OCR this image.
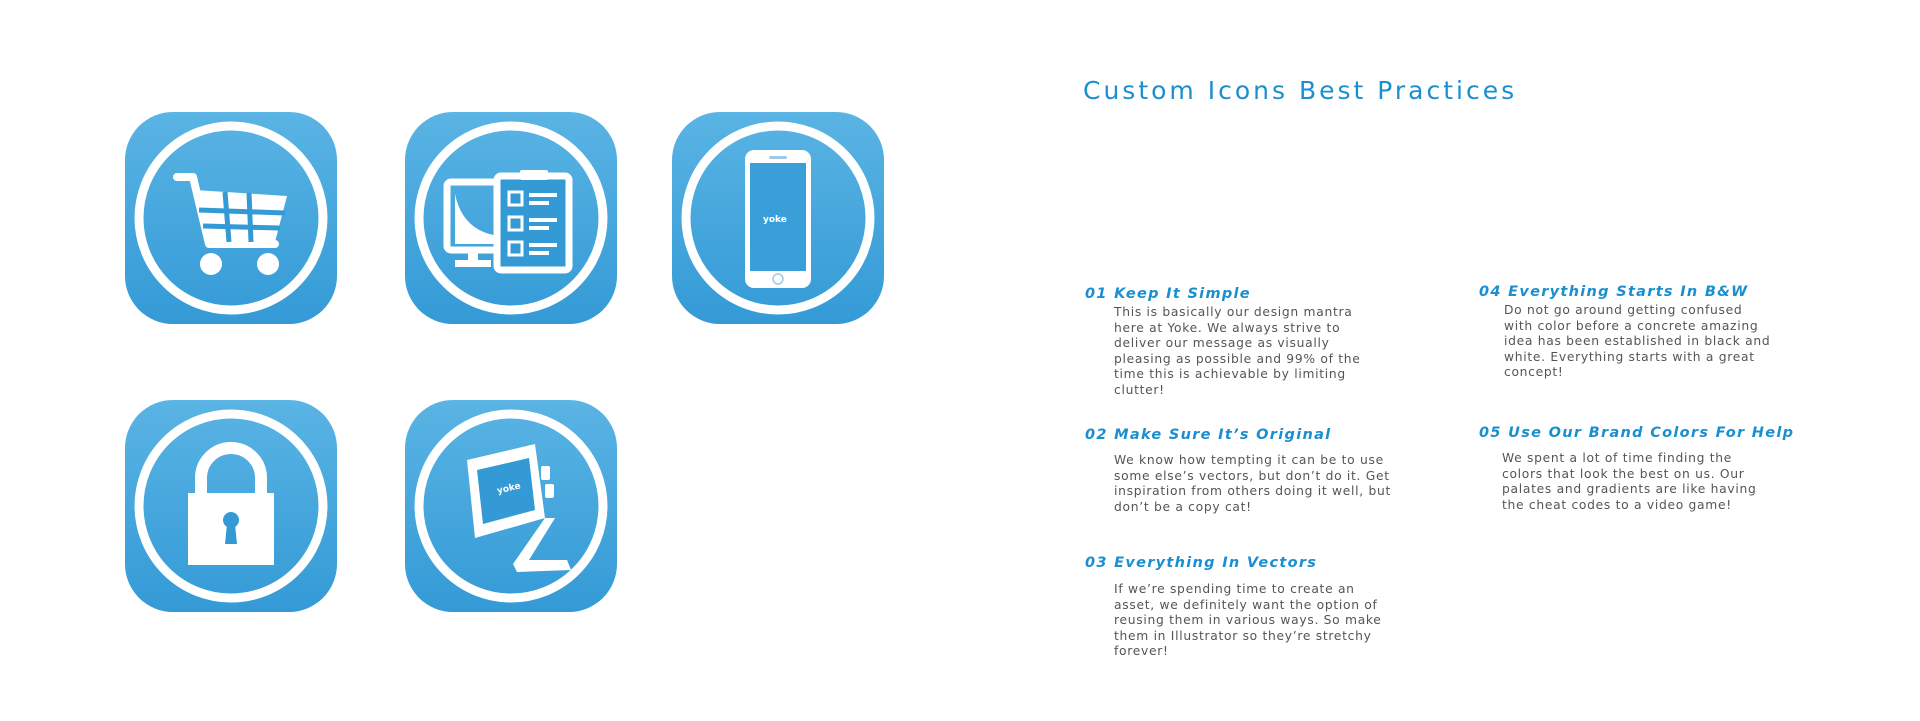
yoke
yoke
Custom Icons Best Practices
01 Keep It Simple

This is basically our design mantra here at Yoke. We always strive to deliver our message as visually pleasing as possible and 99% of the time this is achievable by limiting clutter!

02 Make Sure It’s Original

We know how tempting it can be to use some else’s vectors, but don’t do it. Get inspiration from others doing it well, but don’t be a copy cat!

03 Everything In Vectors

If we’re spending time to create an asset, we definitely want the option of reusing them in various ways. So make them in Illustrator so they’re stretchy forever!

04 Everything Starts In B&W

Do not go around getting confused with color before a concrete amazing idea has been established in black and white. Everything starts with a great concept!

05 Use Our Brand Colors For Help

We spent a lot of time finding the colors that look the best on us. Our palates and gradients are like having the cheat codes to a video game!
